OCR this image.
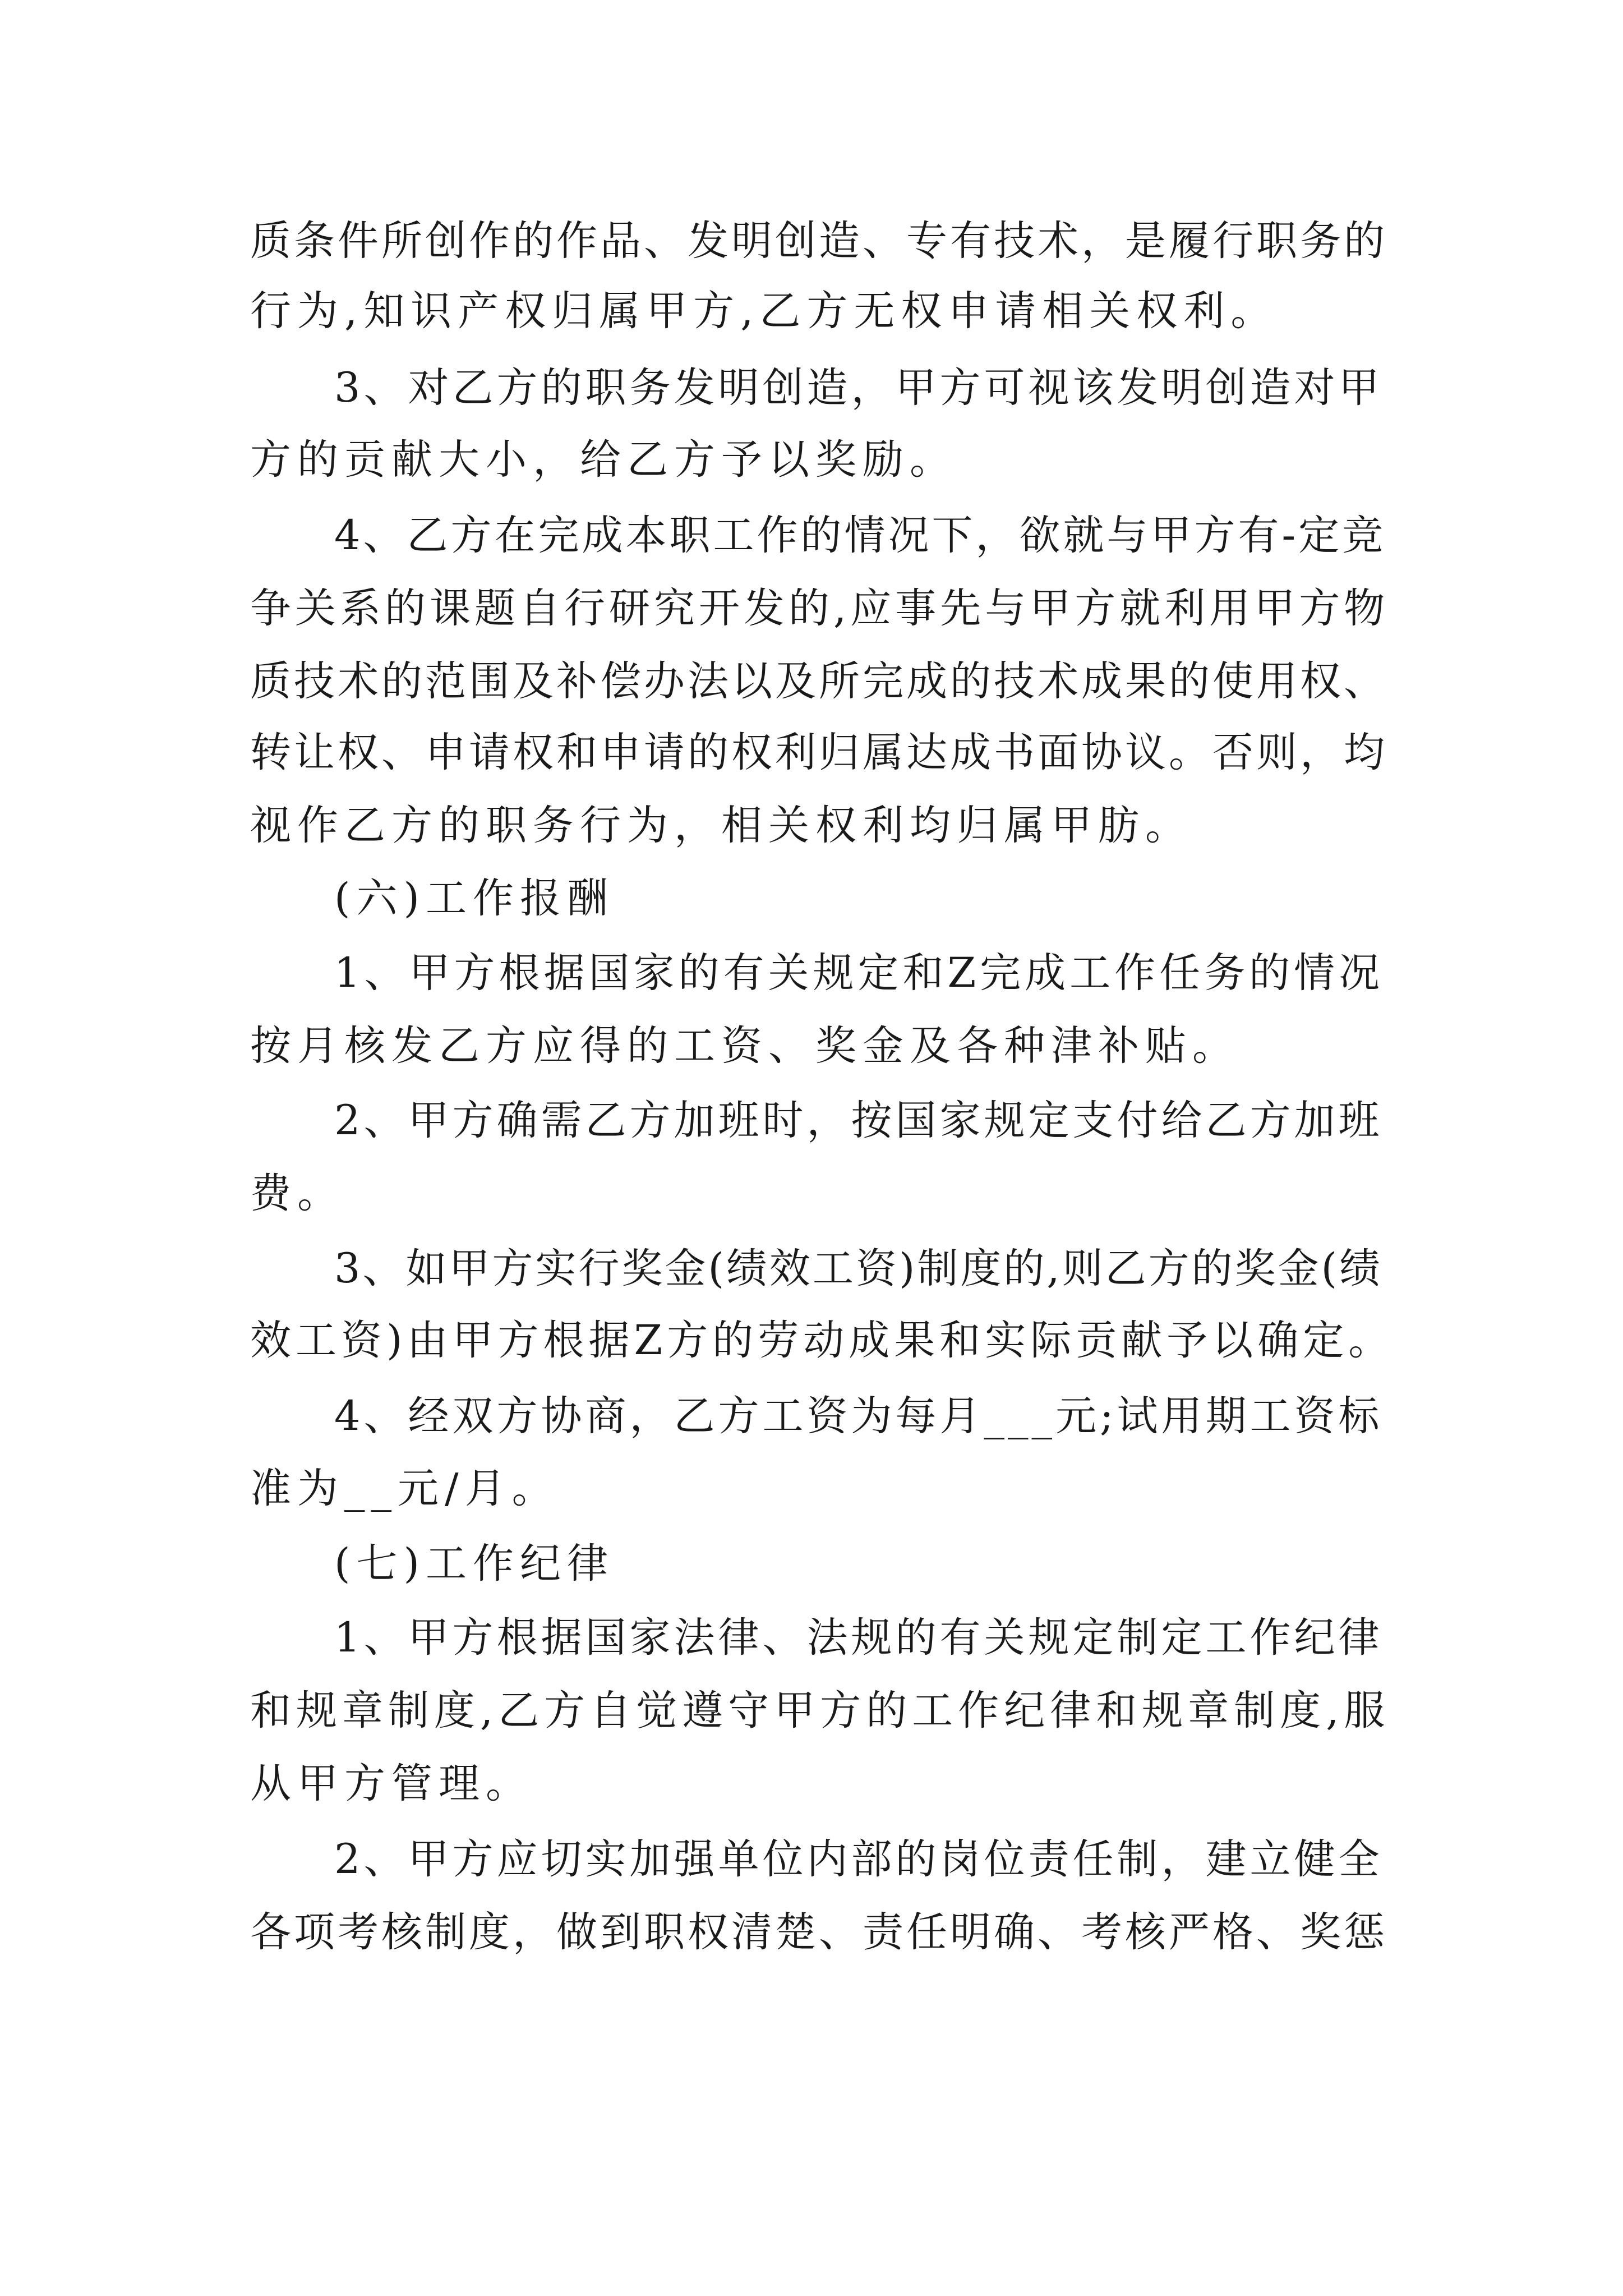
质条件所创作的作品、发明创造、专有技术，是履行职务的
行为,知识产权归属甲方,乙方无权申请相关权利。
3、对乙方的职务发明创造，甲方可视该发明创造对甲
方的贡献大小，给乙方予以奖励。
4、乙方在完成本职工作的情况下，欲就与甲方有-定竞
争关系的课题自行研究开发的,应事先与甲方就利用甲方物
质技术的范围及补偿办法以及所完成的技术成果的使用权、
转让权、申请权和申请的权利归属达成书面协议。否则，均
视作乙方的职务行为，相关权利均归属甲肪。
(六)工作报酬
1、甲方根据国家的有关规定和Z完成工作任务的情况
按月核发乙方应得的工资、奖金及各种津补贴。
2、甲方确需乙方加班时，按国家规定支付给乙方加班
费。
3、如甲方实行奖金(绩效工资)制度的,则乙方的奖金(绩
效工资)由甲方根据Z方的劳动成果和实际贡献予以确定。
4、经双方协商，乙方工资为每月___元;试用期工资标
准为__元/月。
(七)工作纪律
1、甲方根据国家法律、法规的有关规定制定工作纪律
和规章制度,乙方自觉遵守甲方的工作纪律和规章制度,服
从甲方管理。
2、甲方应切实加强单位内部的岗位责任制，建立健全
各项考核制度，做到职权清楚、责任明确、考核严格、奖惩
